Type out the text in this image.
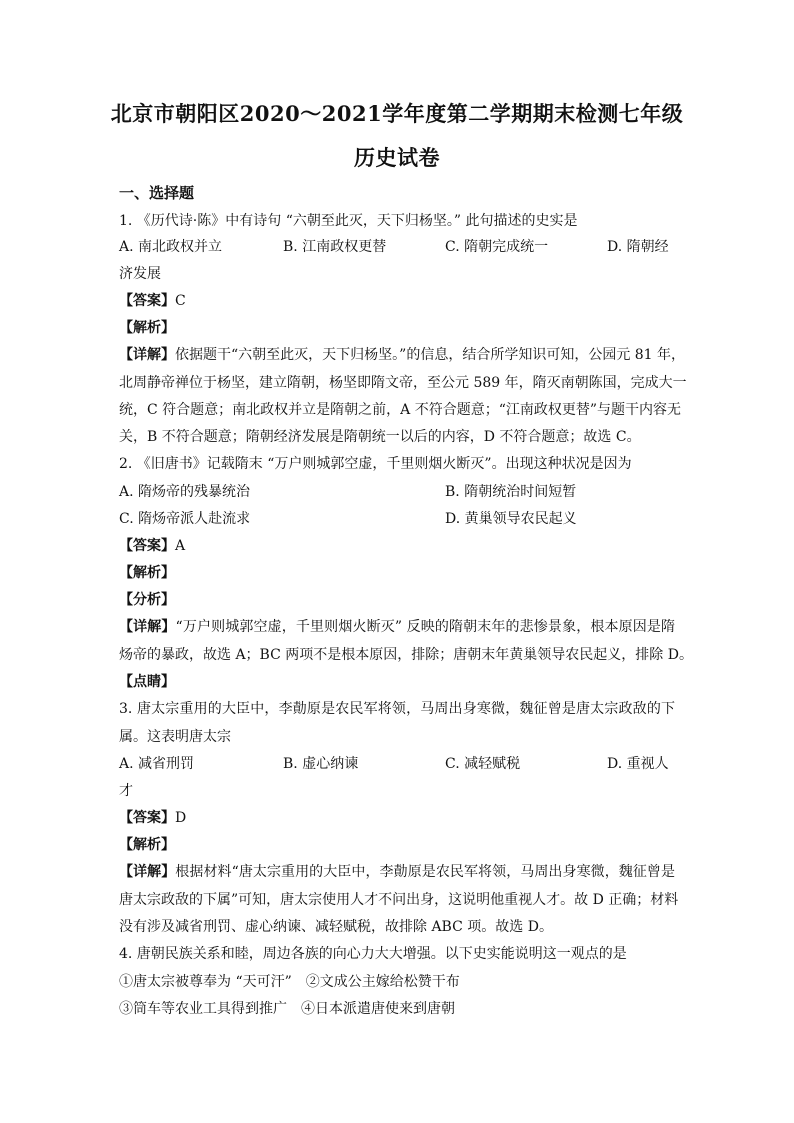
北京市朝阳区2020～2021学年度第二学期期末检测七年级
历史试卷
一、选择题
1. 《历代诗·陈》中有诗句 “六朝至此灭，天下归杨坚。” 此句描述的史实是
A. 南北政权并立	B. 江南政权更替	C. 隋朝完成统一	D. 隋朝经
济发展
【答案】C
【解析】
【详解】依据题干“六朝至此灭，天下归杨坚。”的信息，结合所学知识可知，公园元 81 年，
北周静帝禅位于杨坚，建立隋朝，杨坚即隋文帝，至公元 589 年，隋灭南朝陈国，完成大一
统，C 符合题意；南北政权并立是隋朝之前，A 不符合题意；“江南政权更替”与题干内容无
关，B 不符合题意；隋朝经济发展是隋朝统一以后的内容，D 不符合题意；故选 C。
2. 《旧唐书》记载隋末 “万户则城郭空虚，千里则烟火断灭”。出现这种状况是因为
A. 隋炀帝的残暴统治	B. 隋朝统治时间短暂
C. 隋炀帝派人赴流求	D. 黄巢领导农民起义
【答案】A
【解析】
【分析】
【详解】“万户则城郭空虚，千里则烟火断灭” 反映的隋朝末年的悲惨景象，根本原因是隋
炀帝的暴政，故选 A；BC 两项不是根本原因，排除；唐朝末年黄巢领导农民起义，排除 D。
【点睛】
3. 唐太宗重用的大臣中，李勣原是农民军将领，马周出身寒微，魏征曾是唐太宗政敌的下
属。这表明唐太宗
A. 减省刑罚	B. 虚心纳谏	C. 减轻赋税	D. 重视人
才
【答案】D
【解析】
【详解】根据材料“唐太宗重用的大臣中，李勣原是农民军将领，马周出身寒微，魏征曾是
唐太宗政敌的下属”可知，唐太宗使用人才不问出身，这说明他重视人才。故 D 正确；材料
没有涉及减省刑罚、虚心纳谏、减轻赋税，故排除 ABC 项。故选 D。
4. 唐朝民族关系和睦，周边各族的向心力大大增强。以下史实能说明这一观点的是
①唐太宗被尊奉为 “天可汗”　②文成公主嫁给松赞干布
③筒车等农业工具得到推广　④日本派遣唐使来到唐朝
